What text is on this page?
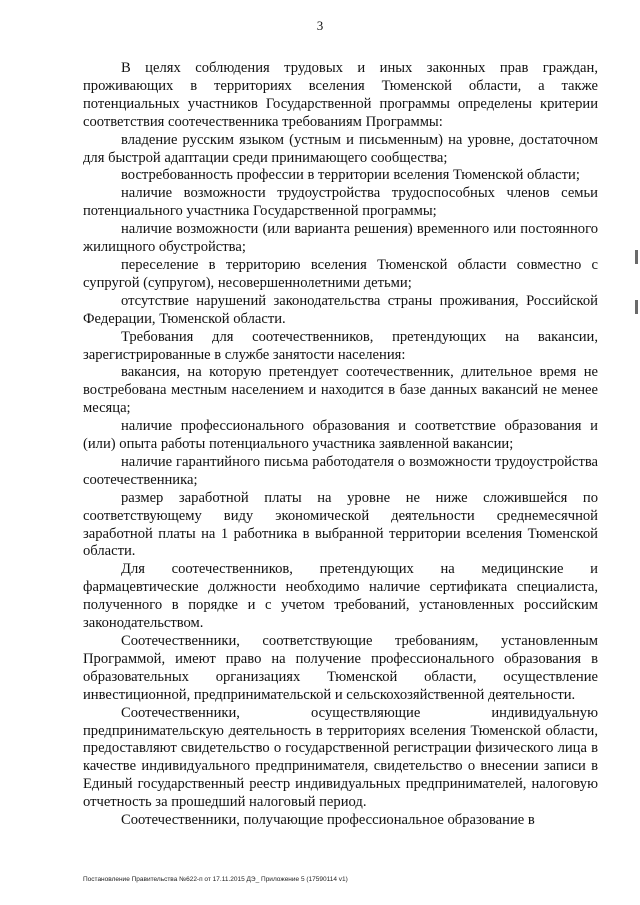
3

В целях соблюдения трудовых и иных законных прав граждан, проживающих в территориях вселения Тюменской области, а также потенциальных участников Государственной программы определены критерии соответствия соотечественника требованиям Программы:

владение русским языком (устным и письменным) на уровне, достаточном для быстрой адаптации среди принимающего сообщества;

востребованность профессии в территории вселения Тюменской области;

наличие возможности трудоустройства трудоспособных членов семьи потенциального участника Государственной программы;

наличие возможности (или варианта решения) временного или постоянного жилищного обустройства;

переселение в территорию вселения Тюменской области совместно с супругой (супругом), несовершеннолетними детьми;

отсутствие нарушений законодательства страны проживания, Российской Федерации, Тюменской области.

Требования для соотечественников, претендующих на вакансии, зарегистрированные в службе занятости населения:

вакансия, на которую претендует соотечественник, длительное время не востребована местным населением и находится в базе данных вакансий не менее месяца;

наличие профессионального образования и соответствие образования и (или) опыта работы потенциального участника заявленной вакансии;

наличие гарантийного письма работодателя о возможности трудоустройства соотечественника;

размер заработной платы на уровне не ниже сложившейся по соответствующему виду экономической деятельности среднемесячной заработной платы на 1 работника в выбранной территории вселения Тюменской области.

Для соотечественников, претендующих на медицинские и фармацевтические должности необходимо наличие сертификата специалиста, полученного в порядке и с учетом требований, установленных российским законодательством.

Соотечественники, соответствующие требованиям, установленным Программой, имеют право на получение профессионального образования в образовательных организациях Тюменской области, осуществление инвестиционной, предпринимательской и сельскохозяйственной деятельности.

Соотечественники, осуществляющие индивидуальную предпринимательскую деятельность в территориях вселения Тюменской области, предоставляют свидетельство о государственной регистрации физического лица в качестве индивидуального предпринимателя, свидетельство о внесении записи в Единый государственный реестр индивидуальных предпринимателей, налоговую отчетность за прошедший налоговый период.

Соотечественники, получающие профессиональное образование в

Постановление Правительства №622-п от 17.11.2015 ДЭ_ Приложение 5 (17590114 v1)
